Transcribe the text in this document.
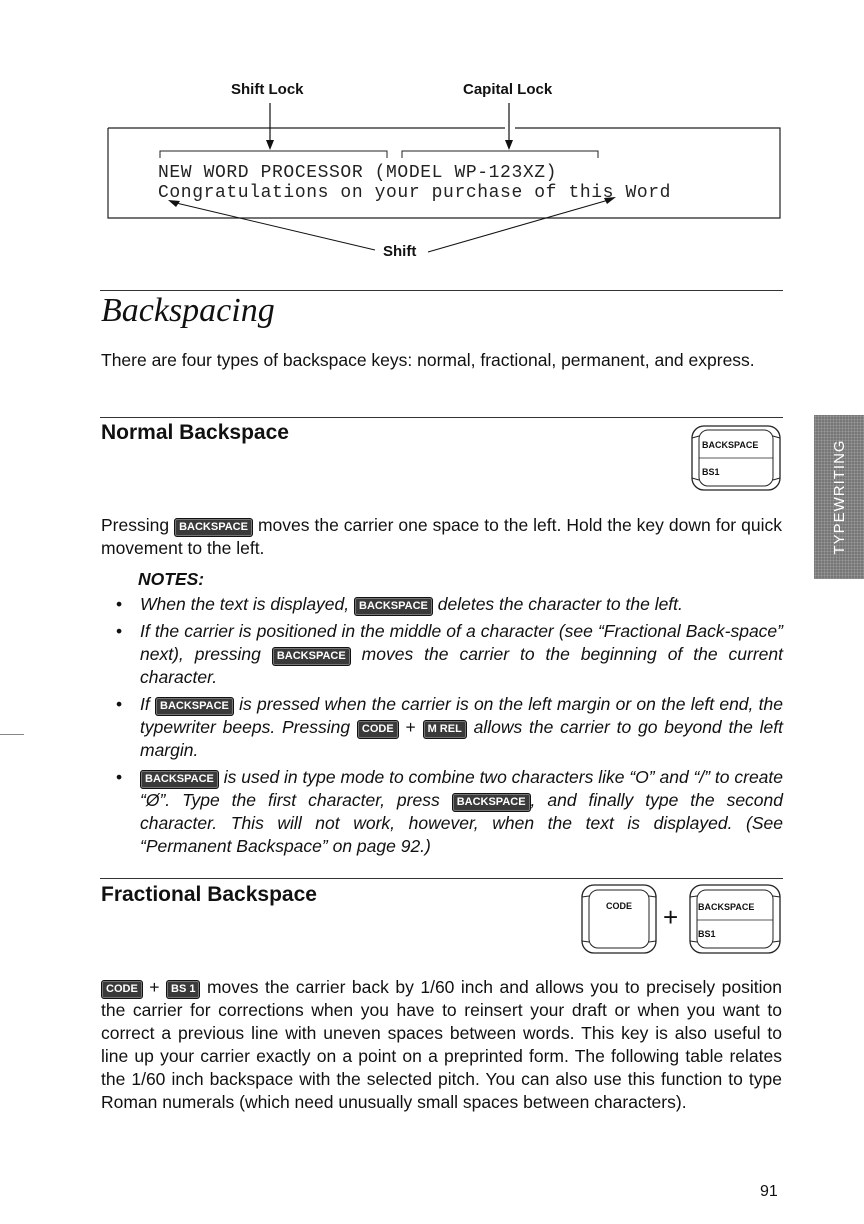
Shift Lock	Capital Lock
NEW WORD PROCESSOR (MODEL WP-123XZ)
Congratulations on your purchase of this Word
Shift
Backspacing
There are four types of backspace keys: normal, fractional, permanent, and express.
Normal Backspace
BACKSPACE
BS1
Pressing BACKSPACE moves the carrier one space to the left. Hold the key down for quick movement to the left.
NOTES:
• When the text is displayed, BACKSPACE deletes the character to the left.
• If the carrier is positioned in the middle of a character (see “Fractional Back-space” next), pressing BACKSPACE moves the carrier to the beginning of the current character.
• If BACKSPACE is pressed when the carrier is on the left margin or on the left end, the typewriter beeps. Pressing CODE + M REL allows the carrier to go beyond the left margin.
• BACKSPACE is used in type mode to combine two characters like “O” and “/” to create “Ø”. Type the first character, press BACKSPACE , and finally type the second character. This will not work, however, when the text is displayed. (See “Permanent Backspace” on page 92.)
Fractional Backspace	CODE + BACKSPACE
BS1
CODE + BS 1 moves the carrier back by 1/60 inch and allows you to precisely position the carrier for corrections when you have to reinsert your draft or when you want to correct a previous line with uneven spaces between words. This key is also useful to line up your carrier exactly on a point on a preprinted form. The following table relates the 1/60 inch backspace with the selected pitch. You can also use this function to type Roman numerals (which need unusually small spaces between characters).
TYPEWRITING
91
